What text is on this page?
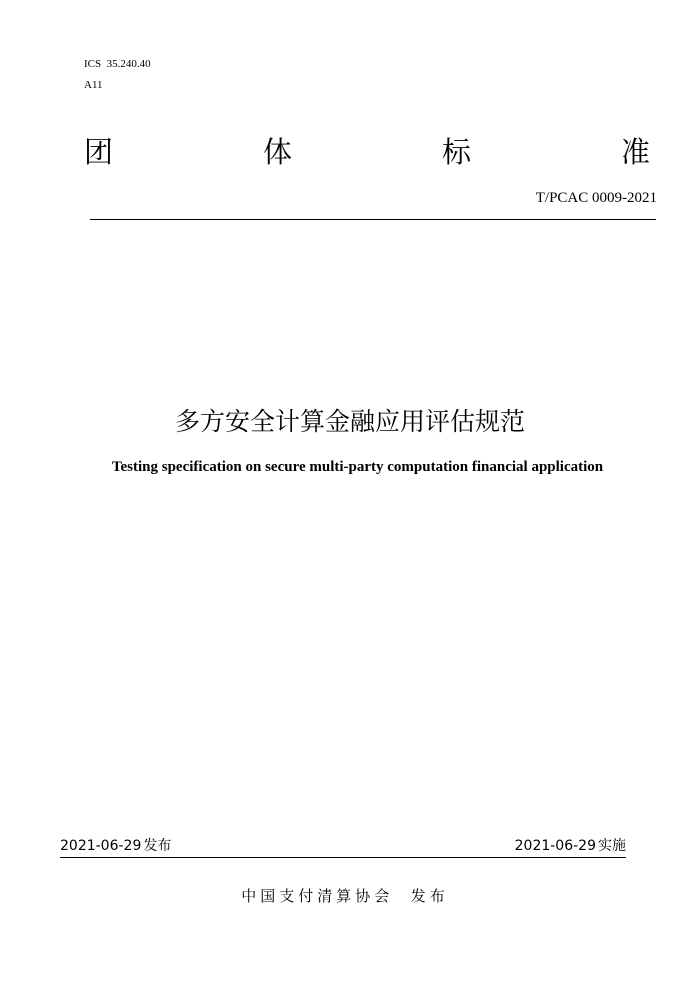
ICS  35.240.40
A11
团	体	标	准
T/PCAC 0009-2021
多方安全计算金融应用评估规范
Testing specification on secure multi-party computation financial application
2021-06-29 发布	2021-06-29 实施
中国支付清算协会  发布
